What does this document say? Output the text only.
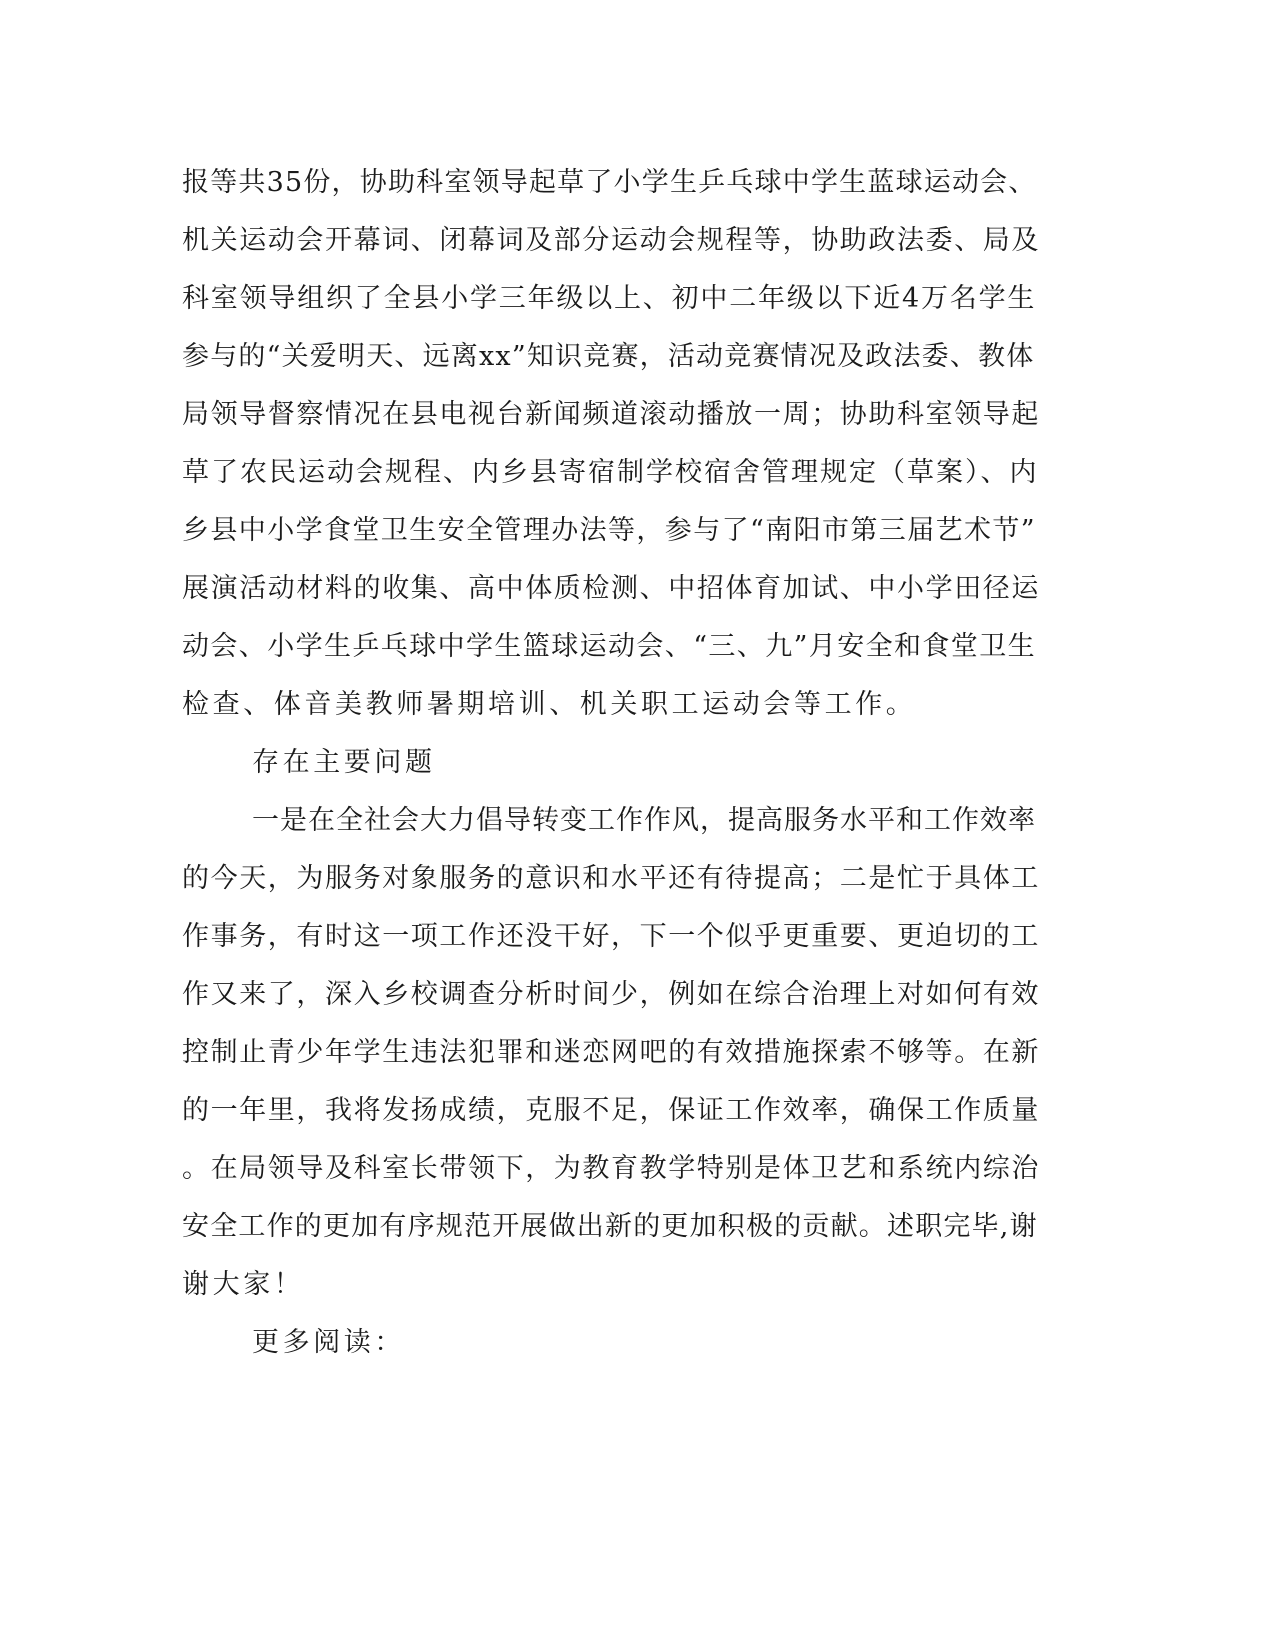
报等共35份，协助科室领导起草了小学生乒乓球中学生蓝球运动会、
机关运动会开幕词、闭幕词及部分运动会规程等，协助政法委、局及
科室领导组织了全县小学三年级以上、初中二年级以下近4万名学生
参与的“关爱明天、远离xx”知识竞赛，活动竞赛情况及政法委、教体
局领导督察情况在县电视台新闻频道滚动播放一周；协助科室领导起
草了农民运动会规程、内乡县寄宿制学校宿舍管理规定（草案）、内
乡县中小学食堂卫生安全管理办法等，参与了“南阳市第三届艺术节”
展演活动材料的收集、高中体质检测、中招体育加试、中小学田径运
动会、小学生乒乓球中学生篮球运动会、“三、九”月安全和食堂卫生
检查、体音美教师暑期培训、机关职工运动会等工作。
存在主要问题
一是在全社会大力倡导转变工作作风，提高服务水平和工作效率
的今天，为服务对象服务的意识和水平还有待提高；二是忙于具体工
作事务，有时这一项工作还没干好，下一个似乎更重要、更迫切的工
作又来了，深入乡校调查分析时间少，例如在综合治理上对如何有效
控制止青少年学生违法犯罪和迷恋网吧的有效措施探索不够等。在新
的一年里，我将发扬成绩，克服不足，保证工作效率，确保工作质量
。在局领导及科室长带领下，为教育教学特别是体卫艺和系统内综治
安全工作的更加有序规范开展做出新的更加积极的贡献。述职完毕,谢
谢大家！
更多阅读：
